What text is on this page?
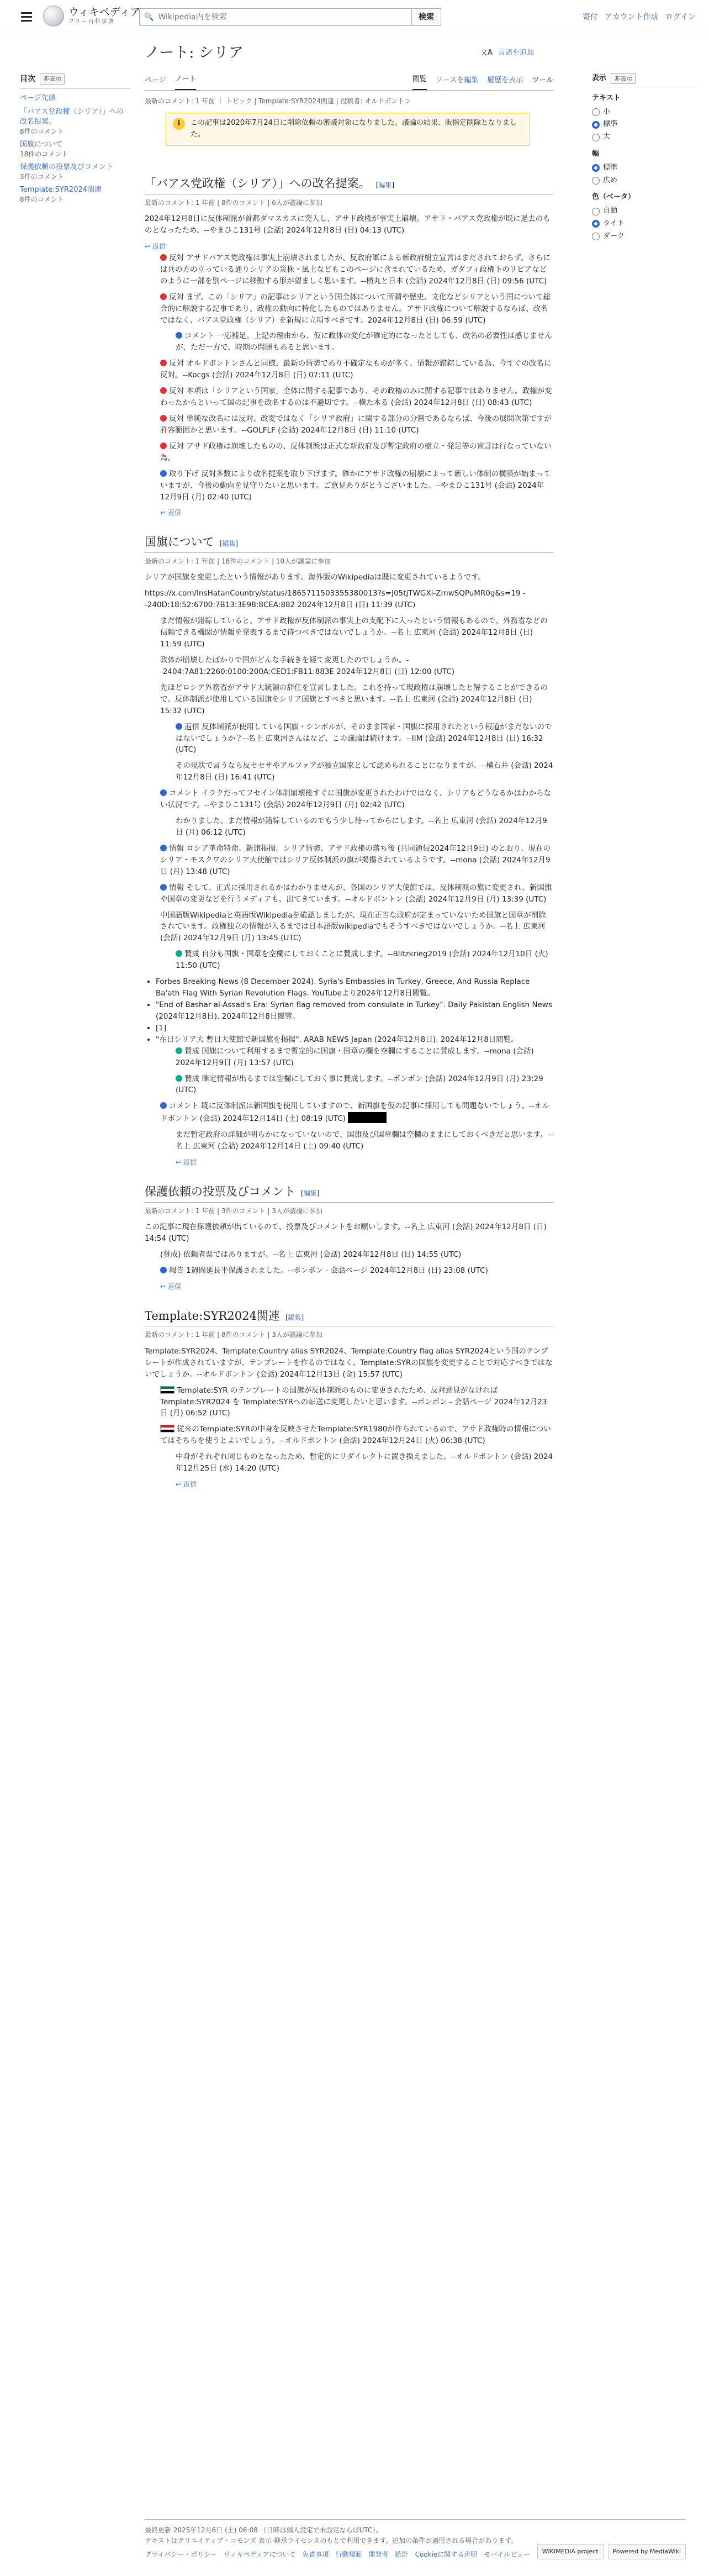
ウィキペディア
フリー百科事典
🔍
Wikipedia内を検索	検索	寄付 アカウント作成 ログイン
ノート: シリア	文A 言語を追加
ページ ノート	閲覧 ソースを編集 履歴を表示 ツール
最新のコメント: 1 年前 ｜ トピック | Template:SYR2024関連 | 投稿者: オルドボントン
i	この記事は2020年7月24日に削除依頼の審議対象になりました。議論の結果、版指定削除となりました。
目次	非表示
ページ先頭
「バアス党政権（シリア）」への改名提案。
8件のコメント
国旗について
18件のコメント
保護依頼の投票及びコメント
3件のコメント
Template:SYR2024関連
8件のコメント
表示	非表示
テキスト
小
標準
大
幅
標準
広め
色（ベータ）
自動
ライト
ダーク
「バアス党政権（シリア）」への改名提案。 [編集]
最新のコメント: 1 年前 | 8件のコメント | 6人が議論に参加
2024年12月8日に反体制派が首都ダマスカスに突入し、アサド政権が事実上崩壊。アサド・バアス党政権が既に過去のものとなったため、--やまひこ131号 (会話) 2024年12月8日 (日) 04:13 (UTC)
↩ 返信
反対 アサドバアス党政権は事実上崩壊されましたが、反政府軍による新政府樹立宣言はまだされておらず、さらには兵の方の立っている通りシリアの災株・風土などもこのページに含まれているため、ガダフィ政権下のリビアなどのように一部を別ページに移動する形が望ましく思います。--横丸と日本 (会話) 2024年12月8日 (日) 09:56 (UTC)
反対 まず、この「シリア」の記事はシリアという国全体について所謂や歴史、文化などシリアという国について総合的に解説する記事であり、政権の動向に特化したものではありません。アサド政権について解説するならば、改名ではなく、バアス党政権（シリア）を新規に立項すべきです。2024年12月8日 (日) 06:59 (UTC)
コメント 一応補足。上記の理由から、仮に政体の変化が確定的になったとしても、改名の必要性は感じませんが、ただ一方で、時期の問題もあると思います。
反対 オルドボントンさんと同様、最新の情勢であり不確定なものが多く、情報が錯綜している為、今すぐの改名に反対。--Kocgs (会話) 2024年12月8日 (日) 07:11 (UTC)
反対 本項は「シリアという国家」全体に関する記事であり、その政権のみに関する記事ではありません。政権が変わったからといって国の記事を改名するのは不適切です。--横た木る (会話) 2024年12月8日 (日) 08:43 (UTC)
反対 単純な改名には反対。改変ではなく「シリア政府」に関する部分の分割であるならば、今後の展開次第ですが許容範囲かと思います。--GOLFLF (会話) 2024年12月8日 (日) 11:10 (UTC)
反対 アサド政権は崩壊したものの、反体制派は正式な新政府及び暫定政府の樹立・発足等の宣言は行なっていない為。
取り下げ 反対多数により改名提案を取り下げます。確かにアサド政権の崩壊によって新しい体制の構築が始まっていますが、今後の動向を見守りたいと思います。ご意見ありがとうございました。--やまひこ131号 (会話) 2024年12月9日 (月) 02:40 (UTC)
↩ 返信
国旗について [編集]
最新のコメント: 1 年前 | 18件のコメント | 10人が議論に参加
シリアが国旗を変更したという情報があります。海外版のWikipediaは既に変更されているようです。
https://x.com/InsHatanCountry/status/1865711503355380013?s=J05tjTWGXi-ZmwSQPuMR0g&s=19 --240D:18:52:6700:7B13:3E98:8CEA:882 2024年12月8日 (日) 11:39 (UTC)
まだ情報が錯綜していると、アサド政権が反体制派の事実上の支配下に入ったという情報もあるので、外務省などの信頼できる機関が情報を発表するまで待つべきではないでしょうか。--名上 広東河 (会話) 2024年12月8日 (日) 11:59 (UTC)
政体が崩壊したばかりで国がどんな手続きを経て変更したのでしょうか。--2404:7A81:2260:0100:200A:CED1:FB11:883E 2024年12月8日 (日) 12:00 (UTC)
先ほどロシア外務省がアサド大統領の辞任を宣言しました。これを持って現政権は崩壊したと解することができるので、反体制派が使用している国旗をシリア国旗とすべきと思います。--名上 広東河 (会話) 2024年12月8日 (日) 15:32 (UTC)
返信 反体制派が使用している国旗・シンボルが、そのまま国家・国旗に採用されたという報道がまだないのではないでしょうか？--名上 広東河さんはなど、この議論は続けます。--IIM (会話) 2024年12月8日 (日) 16:32 (UTC)
その現状で言うなら反セセサやアルファアが独立国家として認められることになりますが。--横石井 (会話) 2024年12月8日 (日) 16:41 (UTC)
コメント イラクだってフセイン体制崩壊後すぐに国旗が変更されたわけではなく、シリアもどうなるかはわからない状況です。--やまひこ131号 (会話) 2024年12月9日 (月) 02:42 (UTC)
わかりました。まだ情報が錯綜しているのでもう少し待ってからにします。--名上 広東河 (会話) 2024年12月9日 (月) 06:12 (UTC)
情報 ロシア革命特命、新旗掲揚。シリア情勢、アサド政権の落ち後 (共同通信2024年12月9日) のとおり、現在のシリア・モスクワのシリア大使館ではシリア反体制派の旗が掲揚されているようです。--mona (会話) 2024年12月9日 (月) 13:48 (UTC)
情報 そして、正式に採用されるかはわかりませんが、各国のシリア大使館では、反体制派の旗に変更され、新国旗や国章の変更などを行うメディアも、出てきています。--オルドボントン (会話) 2024年12月9日 (月) 13:39 (UTC)
中国語版Wikipediaと英語版Wikipediaを確認しましたが、現在正当な政府が定まっていないため国旗と国章が削除されています。政権独立の情報が入るまでは日本語版wikipediaでもそうすべきではないでしょうか。--名上 広東河 (会話) 2024年12月9日 (月) 13:45 (UTC)
賛成 自分も国旗・国章を空欄にしておくことに賛成します。--Blitzkrieg2019 (会話) 2024年12月10日 (火) 11:50 (UTC)
• Forbes Breaking News (8 December 2024). Syria's Embassies in Turkey, Greece, And Russia Replace Ba'ath Flag With Syrian Revolution Flags. YouTubeより2024年12月8日閲覧。
• "End of Bashar al-Assad's Era: Syrian flag removed from consulate in Turkey". Daily Pakistan English News (2024年12月8日). 2024年12月8日閲覧。
• [1]
• "在日シリア大 暫日大使館で新国旗を掲揚". ARAB NEWS Japan (2024年12月8日). 2024年12月8日閲覧。
賛成 国旗について利用するまで暫定的に国旗・国章の欄を空欄にすることに賛成します。--mona (会話) 2024年12月9日 (月) 13:57 (UTC)
賛成 確定情報が出るまでは空欄にしておく事に賛成します。--ポンポン (会話) 2024年12月9日 (月) 23:29 (UTC)
コメント 既に反体制派は新国旗を使用していますので、新国旗を仮の記事に採用しても問題ないでしょう。--オルドボントン (会話) 2024年12月14日 (土) 08:19 (UTC)
まだ暫定政府の詳細が明らかになっていないので、国旗及び国章欄は空欄のままにしておくべきだと思います。--名上 広東河 (会話) 2024年12月14日 (土) 09:40 (UTC)
↩ 返信
保護依頼の投票及びコメント [編集]
最新のコメント: 1 年前 | 3件のコメント | 3人が議論に参加
この記事に現在保護依頼が出ているので、投票及びコメントをお願いします。--名上 広東河 (会話) 2024年12月8日 (日) 14:54 (UTC)
(賛成) 依頼者票ではありますが。--名上 広東河 (会話) 2024年12月8日 (日) 14:55 (UTC)
報告 1週間延長半保護されました。--ポンポン - 会話ページ 2024年12月8日 (日) 23:08 (UTC)
↩ 返信
Template:SYR2024関連 [編集]
最新のコメント: 1 年前 | 8件のコメント | 3人が議論に参加
Template:SYR2024、Template:Country alias SYR2024、Template:Country flag alias SYR2024という国のテンプレートが作成されていますが、テンプレートを作るのではなく、Template:SYRの国旗を変更することで対応すべきではないでしょうか。--オルドボントン (会話) 2024年12月13日 (金) 15:57 (UTC)
Template:SYR のテンプレートの国旗が反体制派のものに変更されたため、反対意見がなければTemplate:SYR2024 を Template:SYRへの転送に変更したいと思います。--ポンポン - 会話ページ 2024年12月23日 (月) 06:52 (UTC)
従来のTemplate:SYRの中身を反映させたTemplate:SYR1980が作られているので、アサド政権時の情報についてはそちらを使うとよいでしょう。--オルドボントン (会話) 2024年12月24日 (火) 06:38 (UTC)
中身がそれぞれ同じものとなったため、暫定的にリダイレクトに置き換えました。--オルドボントン (会話) 2024年12月25日 (水) 14:20 (UTC)
↩ 返信
最終更新 2025年12月6日 (土) 06:08 （日時は個人設定で未設定ならばUTC）。
テキストはクリエイティブ・コモンズ 表示-継承ライセンスのもとで利用できます。追加の条件が適用される場合があります。
プライバシー・ポリシー ウィキペディアについて 免責事項 行動規範 開発者 統計 Cookieに関する声明 モバイルビュー	WIKIMEDIA project	Powered by MediaWiki
